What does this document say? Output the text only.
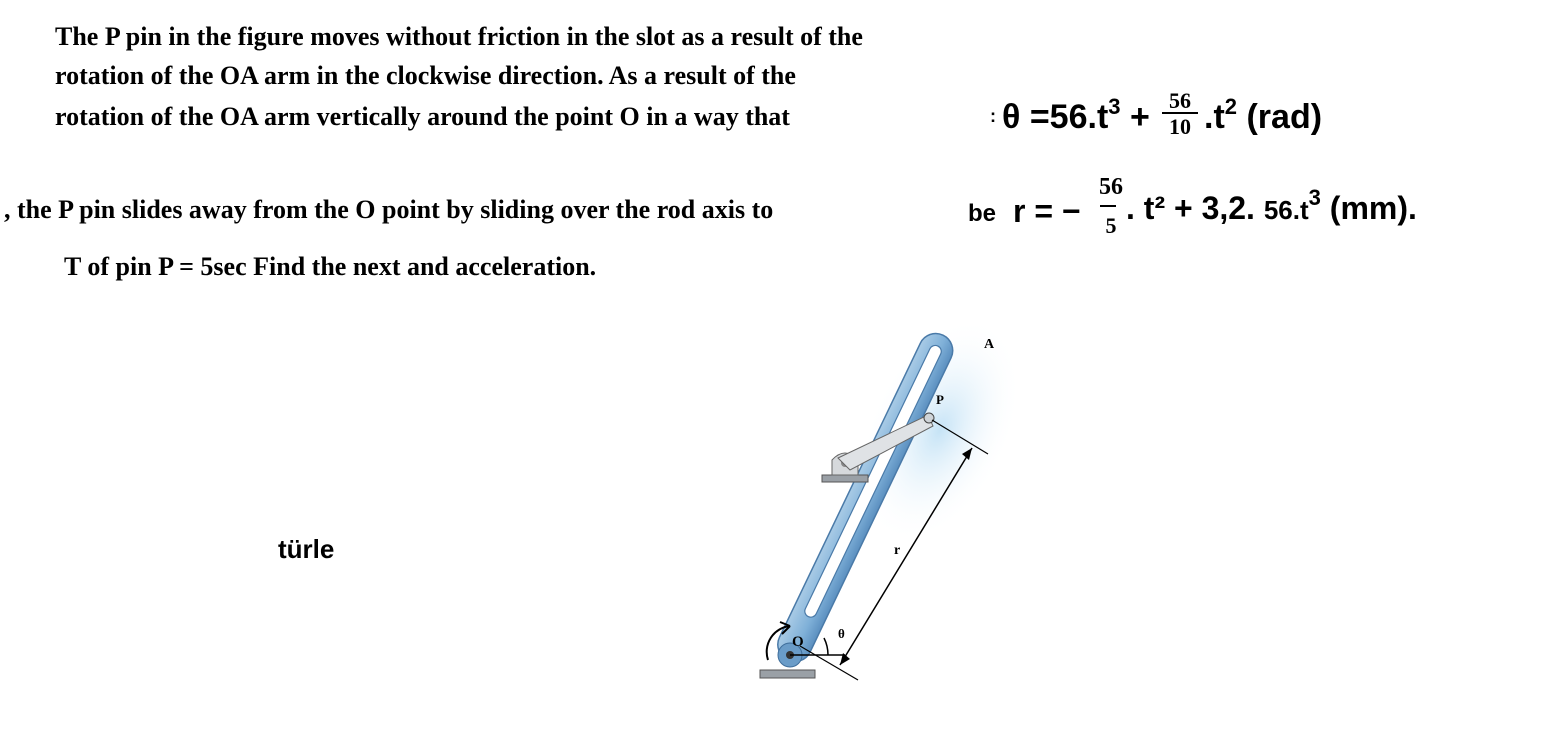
The P pin in the figure moves without friction in the slot as a result of the
rotation of the OA arm in the clockwise direction. As a result of the
rotation of the OA arm vertically around the point O in a way that	: $\theta =56.t^3 + \frac{56}{10} .t^2$ (rad)
, the P pin slides away from the O point by sliding over the rod axis to	be r = −
56
5 . t² + 3,2. $56.t^3$ (mm).
T of pin P = 5sec Find the next and acceleration.
türle
A
P
O
r
θ
